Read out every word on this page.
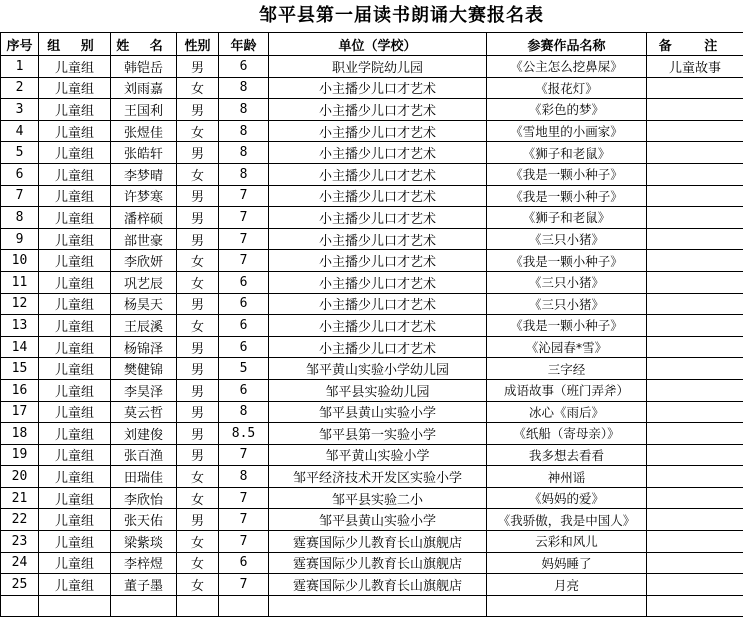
邹平县第一届读书朗诵大赛报名表
序号	组 别	姓 名	性别	年龄	单位（学校）	参赛作品名称	备 注
1	儿童组	韩铠岳	男	6	职业学院幼儿园	《公主怎么挖鼻屎》	儿童故事
2	儿童组	刘雨嘉	女	8	小主播少儿口才艺术	《报花灯》	
3	儿童组	王国利	男	8	小主播少儿口才艺术	《彩色的梦》	
4	儿童组	张煜佳	女	8	小主播少儿口才艺术	《雪地里的小画家》	
5	儿童组	张皓轩	男	8	小主播少儿口才艺术	《狮子和老鼠》	
6	儿童组	李梦晴	女	8	小主播少儿口才艺术	《我是一颗小种子》	
7	儿童组	许梦寒	男	7	小主播少儿口才艺术	《我是一颗小种子》	
8	儿童组	潘梓硕	男	7	小主播少儿口才艺术	《狮子和老鼠》	
9	儿童组	部世豪	男	7	小主播少儿口才艺术	《三只小猪》	
10	儿童组	李欣妍	女	7	小主播少儿口才艺术	《我是一颗小种子》	
11	儿童组	巩艺辰	女	6	小主播少儿口才艺术	《三只小猪》	
12	儿童组	杨昊天	男	6	小主播少儿口才艺术	《三只小猪》	
13	儿童组	王辰溪	女	6	小主播少儿口才艺术	《我是一颗小种子》	
14	儿童组	杨锦泽	男	6	小主播少儿口才艺术	《沁园春*雪》	
15	儿童组	樊健锦	男	5	邹平黄山实验小学幼儿园	三字经	
16	儿童组	李昊泽	男	6	邹平县实验幼儿园	成语故事（班门弄斧）	
17	儿童组	莫云哲	男	8	邹平县黄山实验小学	冰心《雨后》	
18	儿童组	刘建俊	男	8.5	邹平县第一实验小学	《纸船（寄母亲）》	
19	儿童组	张百渔	男	7	邹平黄山实验小学	我多想去看看	
20	儿童组	田瑞佳	女	8	邹平经济技术开发区实验小学	神州谣	
21	儿童组	李欣怡	女	7	邹平县实验二小	《妈妈的爱》	
22	儿童组	张天佑	男	7	邹平县黄山实验小学	《我骄傲，我是中国人》	
23	儿童组	梁紫琰	女	7	霆赛国际少儿教育长山旗舰店	云彩和风儿	
24	儿童组	李梓煜	女	6	霆赛国际少儿教育长山旗舰店	妈妈睡了	
25	儿童组	董子墨	女	7	霆赛国际少儿教育长山旗舰店	月亮	
